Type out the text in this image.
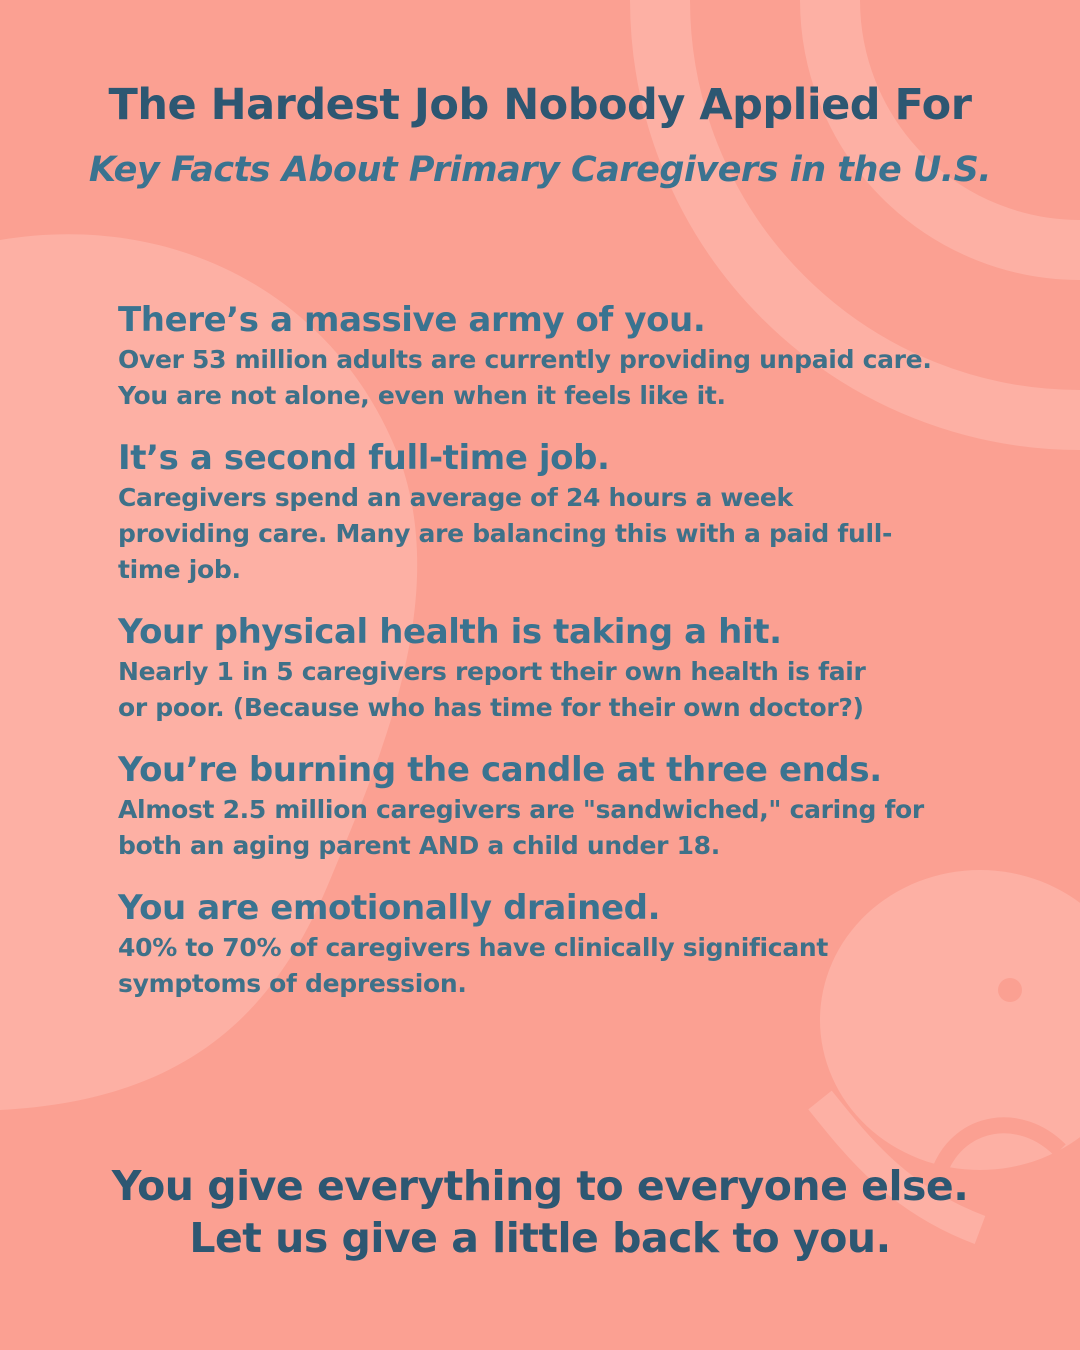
The Hardest Job Nobody Applied For
Key Facts About Primary Caregivers in the U.S.
There’s a massive army of you.
Over 53 million adults are currently providing unpaid care. You are not alone, even when it feels like it.
It’s a second full-time job.
Caregivers spend an average of 24 hours a week providing care. Many are balancing this with a paid full-time job.
Your physical health is taking a hit.
Nearly 1 in 5 caregivers report their own health is fair or poor. (Because who has time for their own doctor?)
You’re burning the candle at three ends.
Almost 2.5 million caregivers are "sandwiched," caring for both an aging parent AND a child under 18.
You are emotionally drained.
40% to 70% of caregivers have clinically significant symptoms of depression.
You give everything to everyone else.
Let us give a little back to you.
